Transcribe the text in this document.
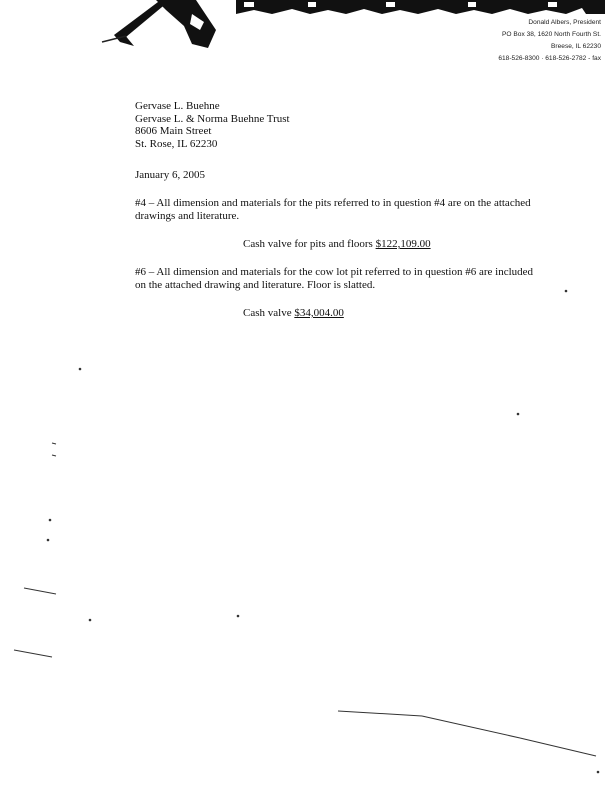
Donald Albers, President
PO Box 38, 1620 North Fourth St.
Breese, IL 62230
618-526-8300 · 618-526-2782 - fax
Gervase L. Buehne
Gervase L. & Norma Buehne Trust
8606 Main Street
St. Rose, IL 62230
January 6, 2005
#4 – All dimension and materials for the pits referred to in question #4 are on the attached drawings and literature.
Cash valve for pits and floors $122,109.00
#6 – All dimension and materials for the cow lot pit referred to in question #6 are included on the attached drawing and literature. Floor is slatted.
Cash valve $34,004.00
